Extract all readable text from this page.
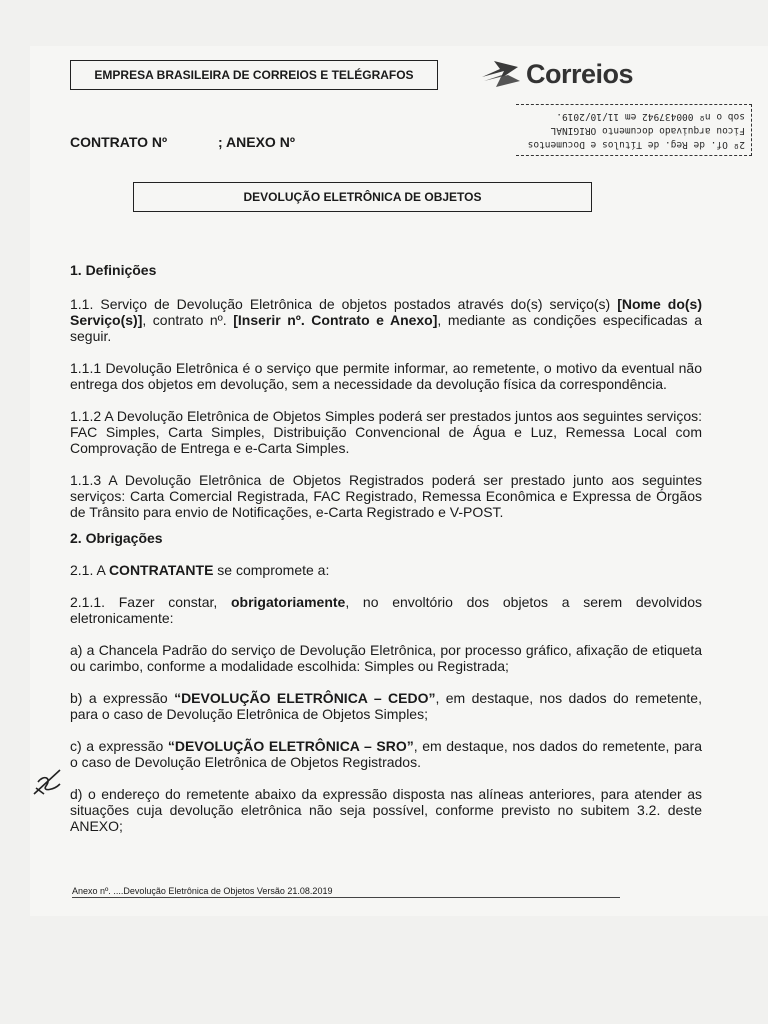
EMPRESA BRASILEIRA DE CORREIOS E TELÉGRAFOS	Correios
2º Of. de Reg. de Títulos e Documentos
Ficou arquivado documento ORIGINAL
sob o nº 000437942 em 11/10/2019.
CONTRATO Nº	; ANEXO Nº
DEVOLUÇÃO ELETRÔNICA DE OBJETOS
1. Definições

1.1. Serviço de Devolução Eletrônica de objetos postados através do(s) serviço(s) [Nome do(s) Serviço(s)], contrato nº. [Inserir nº. Contrato e Anexo], mediante as condições especificadas a seguir.

1.1.1 Devolução Eletrônica é o serviço que permite informar, ao remetente, o motivo da eventual não entrega dos objetos em devolução, sem a necessidade da devolução física da correspondência.

1.1.2 A Devolução Eletrônica de Objetos Simples poderá ser prestados juntos aos seguintes serviços: FAC Simples, Carta Simples, Distribuição Convencional de Água e Luz, Remessa Local com Comprovação de Entrega e e-Carta Simples.

1.1.3 A Devolução Eletrônica de Objetos Registrados poderá ser prestado junto aos seguintes serviços: Carta Comercial Registrada, FAC Registrado, Remessa Econômica e Expressa de Órgãos de Trânsito para envio de Notificações, e-Carta Registrado e V-POST.

2. Obrigações

2.1. A CONTRATANTE se compromete a:

2.1.1. Fazer constar, obrigatoriamente, no envoltório dos objetos a serem devolvidos eletronicamente:

a) a Chancela Padrão do serviço de Devolução Eletrônica, por processo gráfico, afixação de etiqueta ou carimbo, conforme a modalidade escolhida: Simples ou Registrada;

b) a expressão “DEVOLUÇÃO ELETRÔNICA – CEDO”, em destaque, nos dados do remetente, para o caso de Devolução Eletrônica de Objetos Simples;

c) a expressão “DEVOLUÇÃO ELETRÔNICA – SRO”, em destaque, nos dados do remetente, para o caso de Devolução Eletrônica de Objetos Registrados.

d) o endereço do remetente abaixo da expressão disposta nas alíneas anteriores, para atender as situações cuja devolução eletrônica não seja possível, conforme previsto no subitem 3.2. deste ANEXO;

Anexo nº. ....Devolução Eletrônica de Objetos Versão 21.08.2019
